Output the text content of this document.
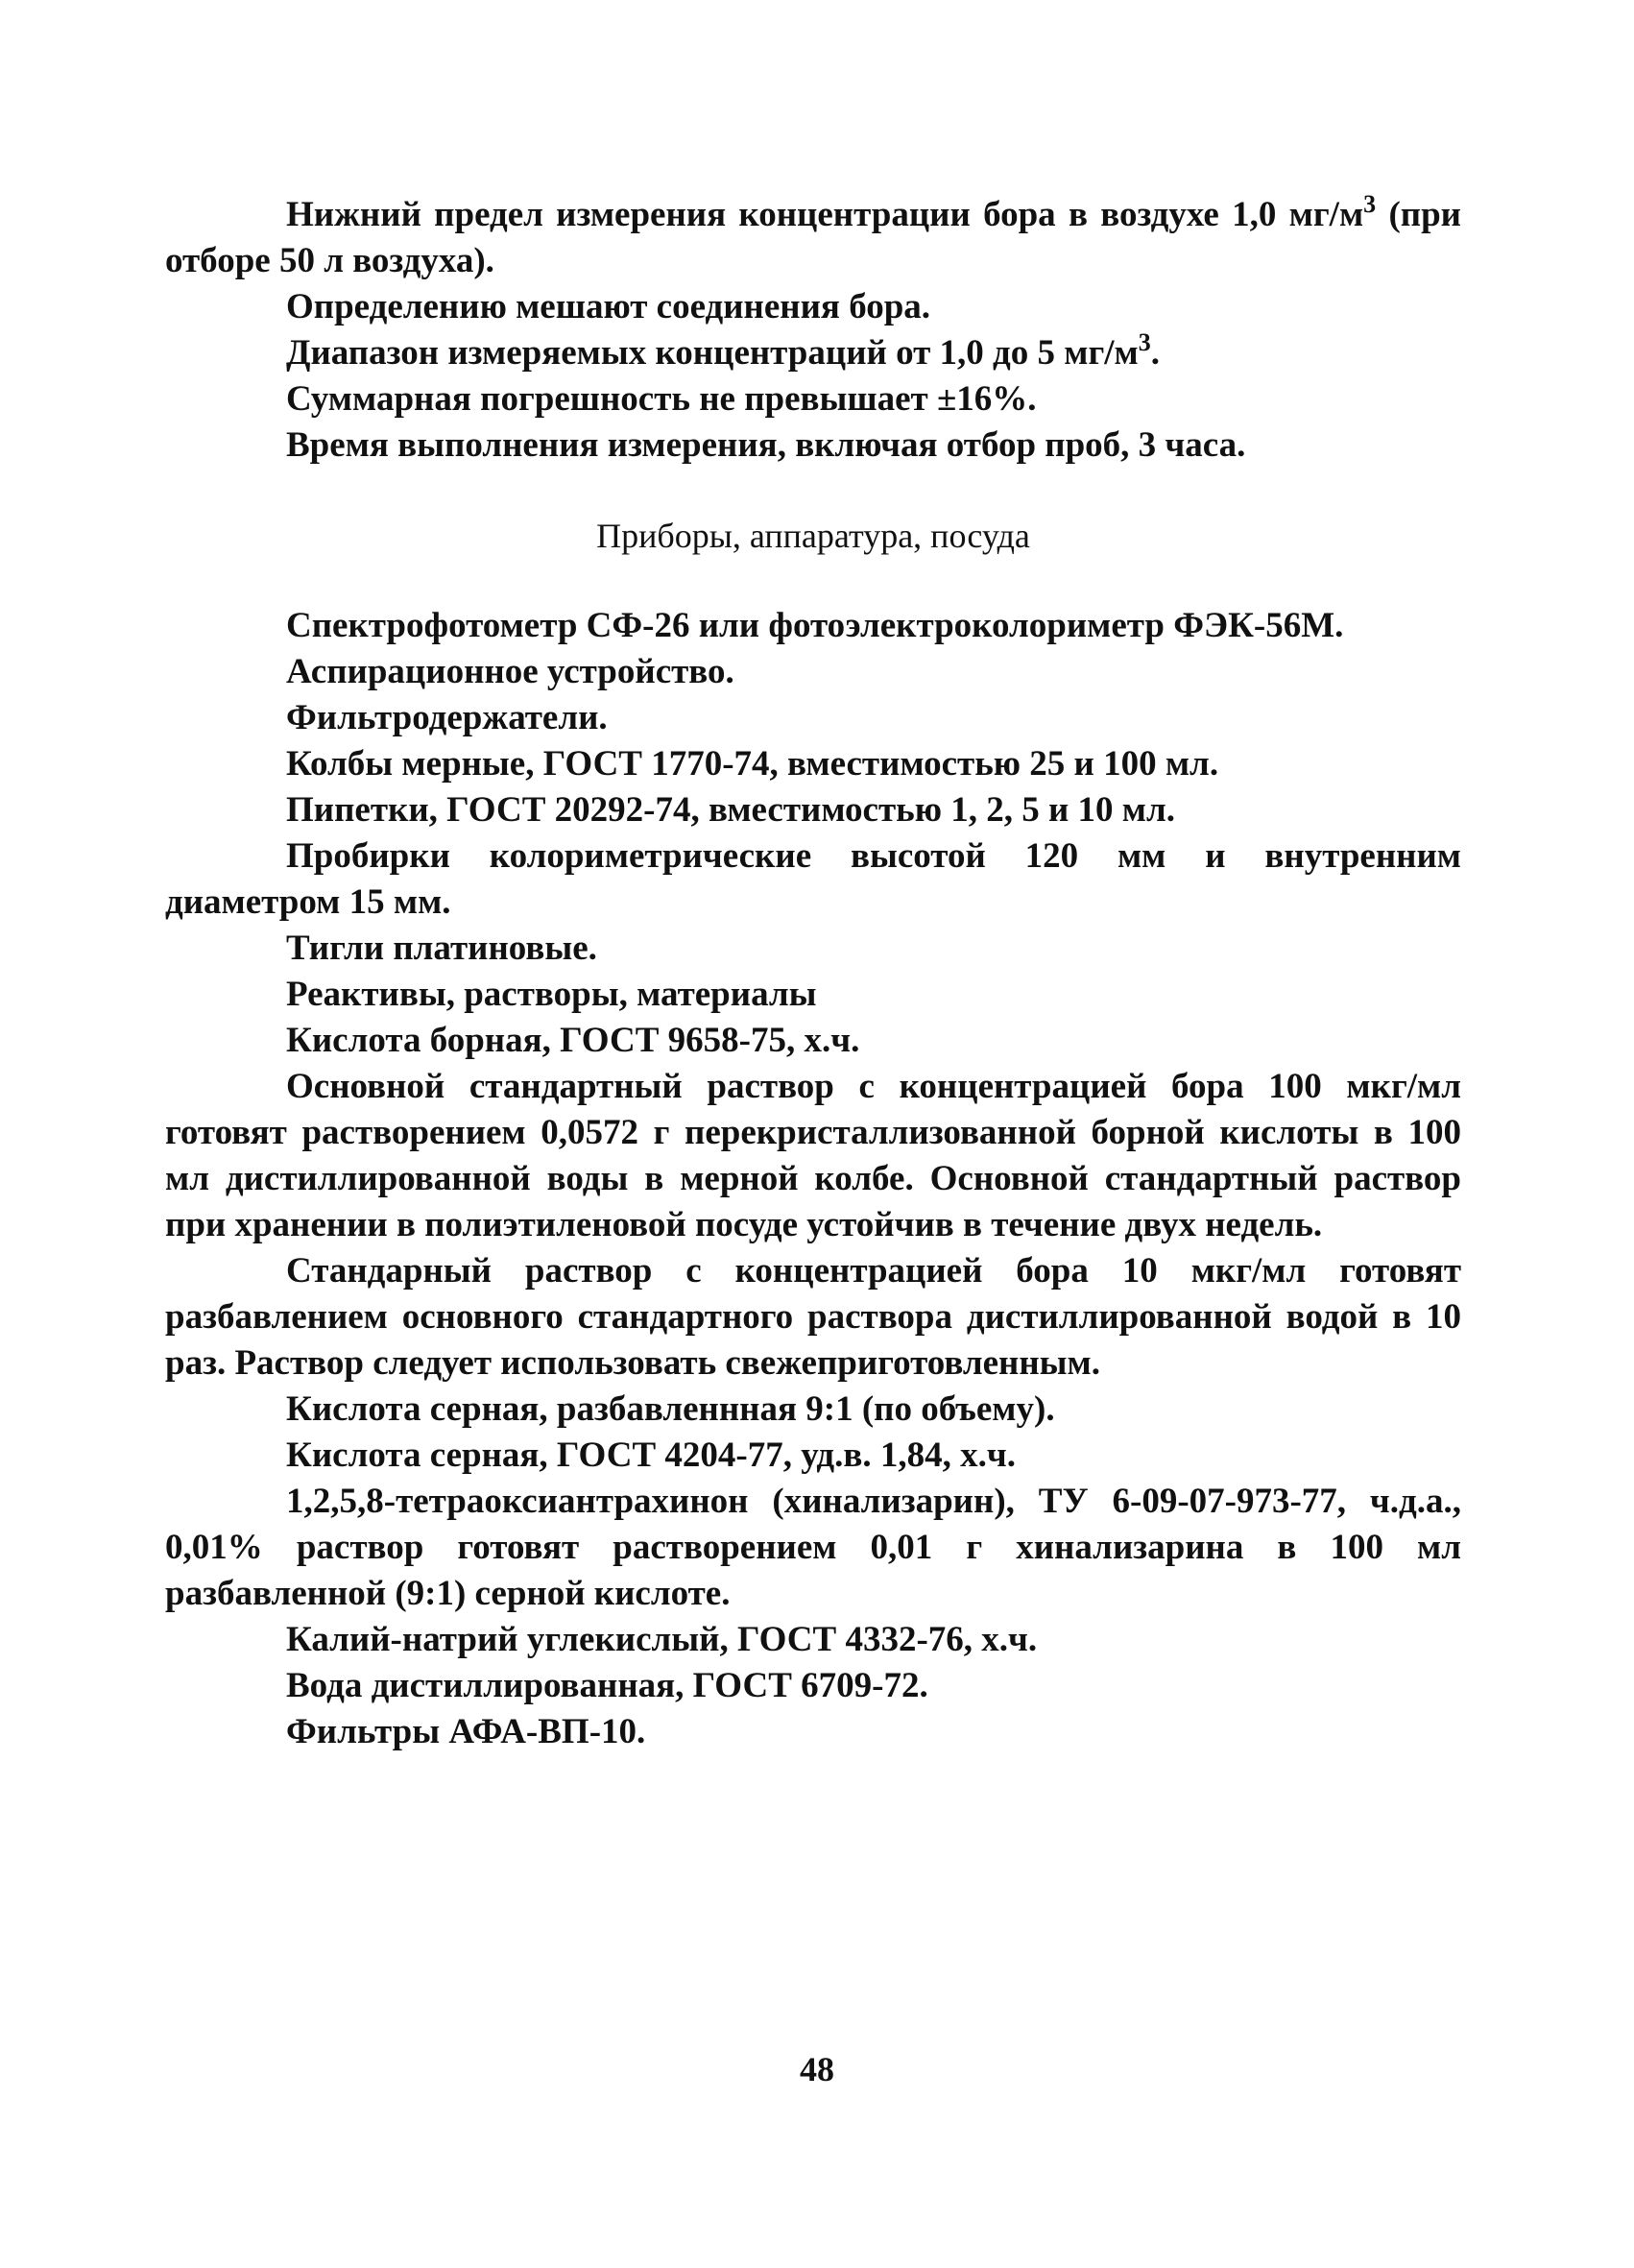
Нижний предел измерения концентрации бора в воздухе 1,0 $мг/м^3$ (при отборе 50 л воздуха).

Определению мешают соединения бора.

Диапазон измеряемых концентраций от 1,0 до 5 $мг/м^3$.

Суммарная погрешность не превышает ±16%.

Время выполнения измерения, включая отбор проб, 3 часа.

Приборы, аппаратура, посуда

Спектрофотометр СФ-26 или фотоэлектроколориметр ФЭК-56М.

Аспирационное устройство.

Фильтродержатели.

Колбы мерные, ГОСТ 1770-74, вместимостью 25 и 100 мл.

Пипетки, ГОСТ 20292-74, вместимостью 1, 2, 5 и 10 мл.

Пробирки колориметрические высотой 120 мм и внутренним диаметром 15 мм.

Тигли платиновые.

Реактивы, растворы, материалы

Кислота борная, ГОСТ 9658-75, х.ч.

Основной стандартный раствор с концентрацией бора 100 мкг/мл готовят растворением 0,0572 г перекристаллизованной борной кислоты в 100 мл дистиллированной воды в мерной колбе. Основной стандартный раствор при хранении в полиэтиленовой посуде устойчив в течение двух недель.

Стандарный раствор с концентрацией бора 10 мкг/мл готовят разбавлением основного стандартного раствора дистиллированной водой в 10 раз. Раствор следует использовать свежеприготовленным.

Кислота серная, разбавленнная 9:1 (по объему).

Кислота серная, ГОСТ 4204-77, уд.в. 1,84, х.ч.

1,2,5,8-тетраоксиантрахинон (хинализарин), ТУ 6-09-07-973-77, ч.д.а., 0,01% раствор готовят растворением 0,01 г хинализарина в 100 мл разбавленной (9:1) серной кислоте.

Калий-натрий углекислый, ГОСТ 4332-76, х.ч.

Вода дистиллированная, ГОСТ 6709-72.

Фильтры АФА-ВП-10.

48
